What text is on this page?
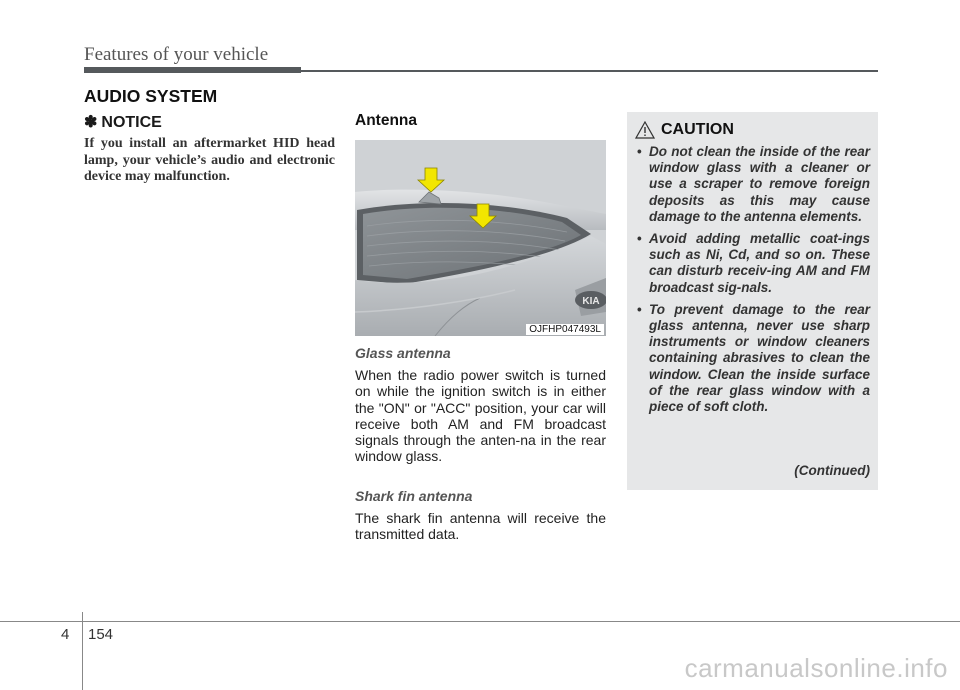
Features of your vehicle
AUDIO SYSTEM
✽ NOTICE
If you install an aftermarket HID head lamp, your vehicle’s audio and electronic device may malfunction.
Antenna
KIA
OJFHP047493L
Glass antenna
When the radio power switch is turned on while the ignition switch is in either the "ON" or "ACC" position, your car will receive both AM and FM broadcast signals through the anten-na in the rear window glass.
Shark fin antenna
The shark fin antenna will receive the transmitted data.
CAUTION
• Do not clean the inside of the rear window glass with a cleaner or use a scraper to remove foreign deposits as this may cause damage to the antenna elements.
• Avoid adding metallic coat-ings such as Ni, Cd, and so on. These can disturb receiv-ing AM and FM broadcast sig-nals.
• To prevent damage to the rear glass antenna, never use sharp instruments or window cleaners containing abrasives to clean the window. Clean the inside surface of the rear glass window with a piece of soft cloth.
(Continued)
4 154
carmanualsonline.info
